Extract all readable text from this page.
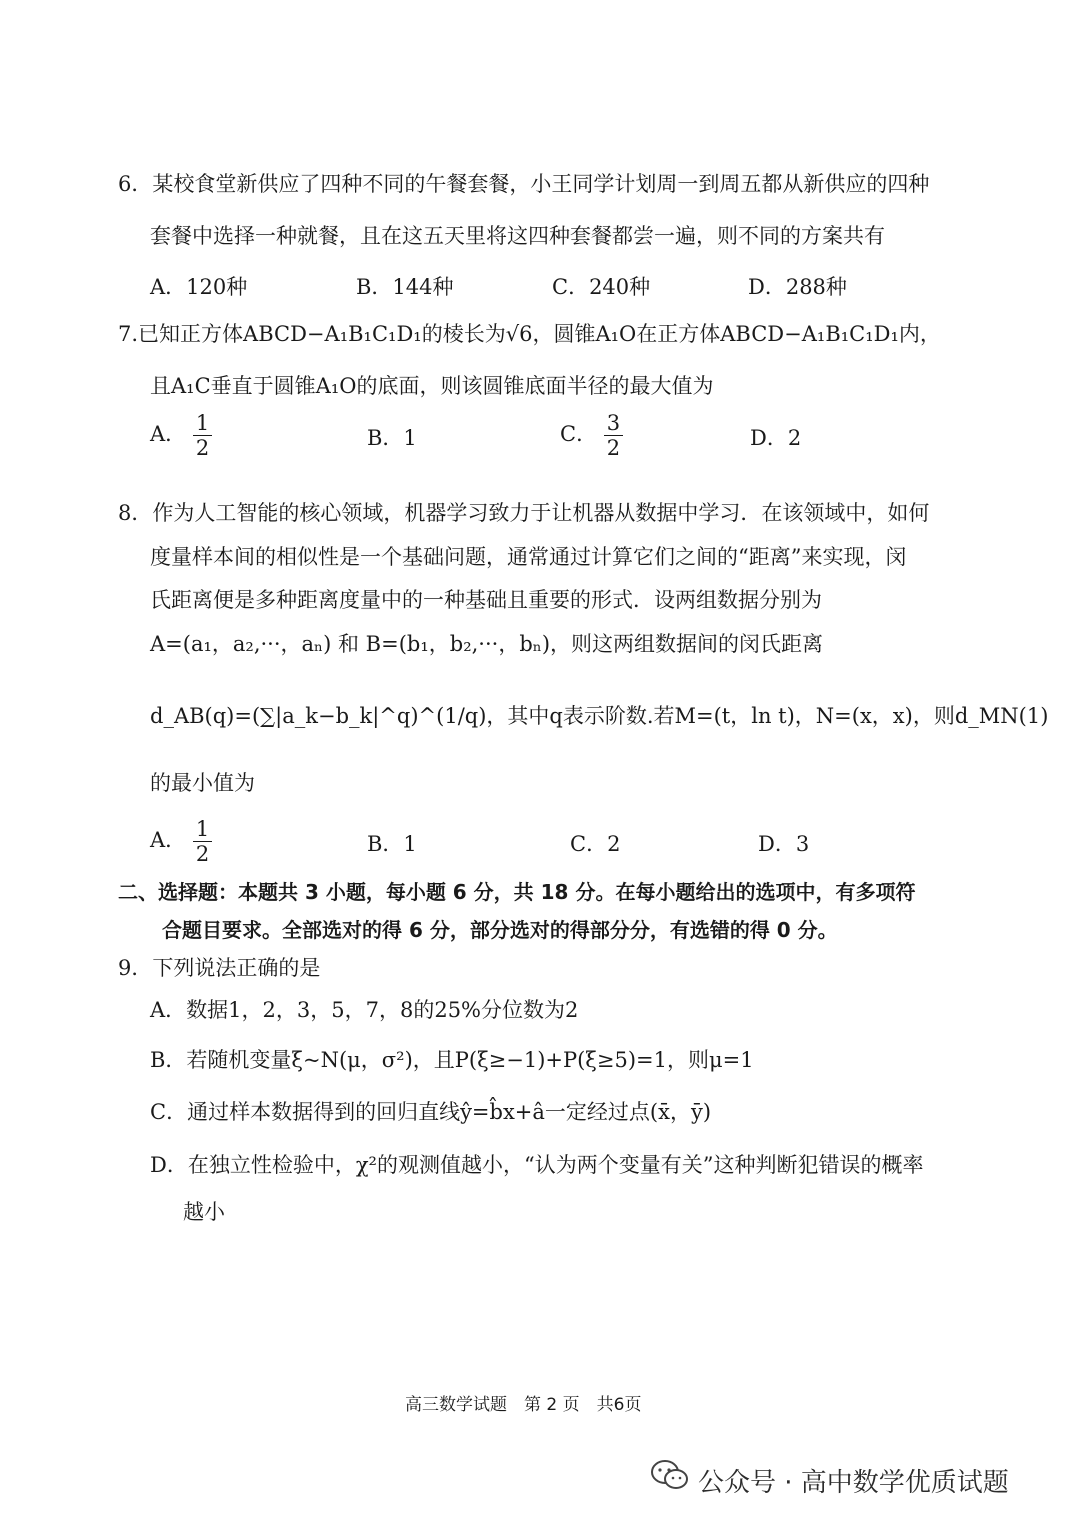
6．某校食堂新供应了四种不同的午餐套餐，小王同学计划周一到周五都从新供应的四种
套餐中选择一种就餐，且在这五天里将这四种套餐都尝一遍，则不同的方案共有
A．120种	B．144种	C．240种	D．288种
7.已知正方体ABCD−A₁B₁C₁D₁的棱长为√6，圆锥A₁O在正方体ABCD−A₁B₁C₁D₁内，
且A₁C垂直于圆锥A₁O的底面，则该圆锥底面半径的最大值为
A． $\frac{1}{2}$	B．1	C． $\frac{3}{2}$	D．2
8．作为人工智能的核心领域，机器学习致力于让机器从数据中学习．在该领域中，如何
度量样本间的相似性是一个基础问题，通常通过计算它们之间的“距离”来实现，闵
氏距离便是多种距离度量中的一种基础且重要的形式．设两组数据分别为
A=(a₁，a₂,···，aₙ) 和 B=(b₁，b₂,···，bₙ)，则这两组数据间的闵氏距离
d_AB(q)=(∑|a_k−b_k|^q)^(1/q)，其中q表示阶数.若M=(t，ln t)，N=(x，x)，则d_MN(1)
的最小值为
A． $\frac{1}{2}$	B．1	C．2	D．3
二、选择题：本题共 3 小题，每小题 6 分，共 18 分。在每小题给出的选项中，有多项符
合题目要求。全部选对的得 6 分，部分选对的得部分分，有选错的得 0 分。
9．下列说法正确的是
A．数据1，2，3，5，7，8的25%分位数为2
B．若随机变量ξ~N(μ，σ²)，且P(ξ≥−1)+P(ξ≥5)=1，则μ=1
C．通过样本数据得到的回归直线ŷ=b̂x+â一定经过点(x̄，ȳ)
D．在独立性检验中，χ²的观测值越小，“认为两个变量有关”这种判断犯错误的概率
越小
高三数学试题　第 2 页　共6页
公众号 · 高中数学优质试题
